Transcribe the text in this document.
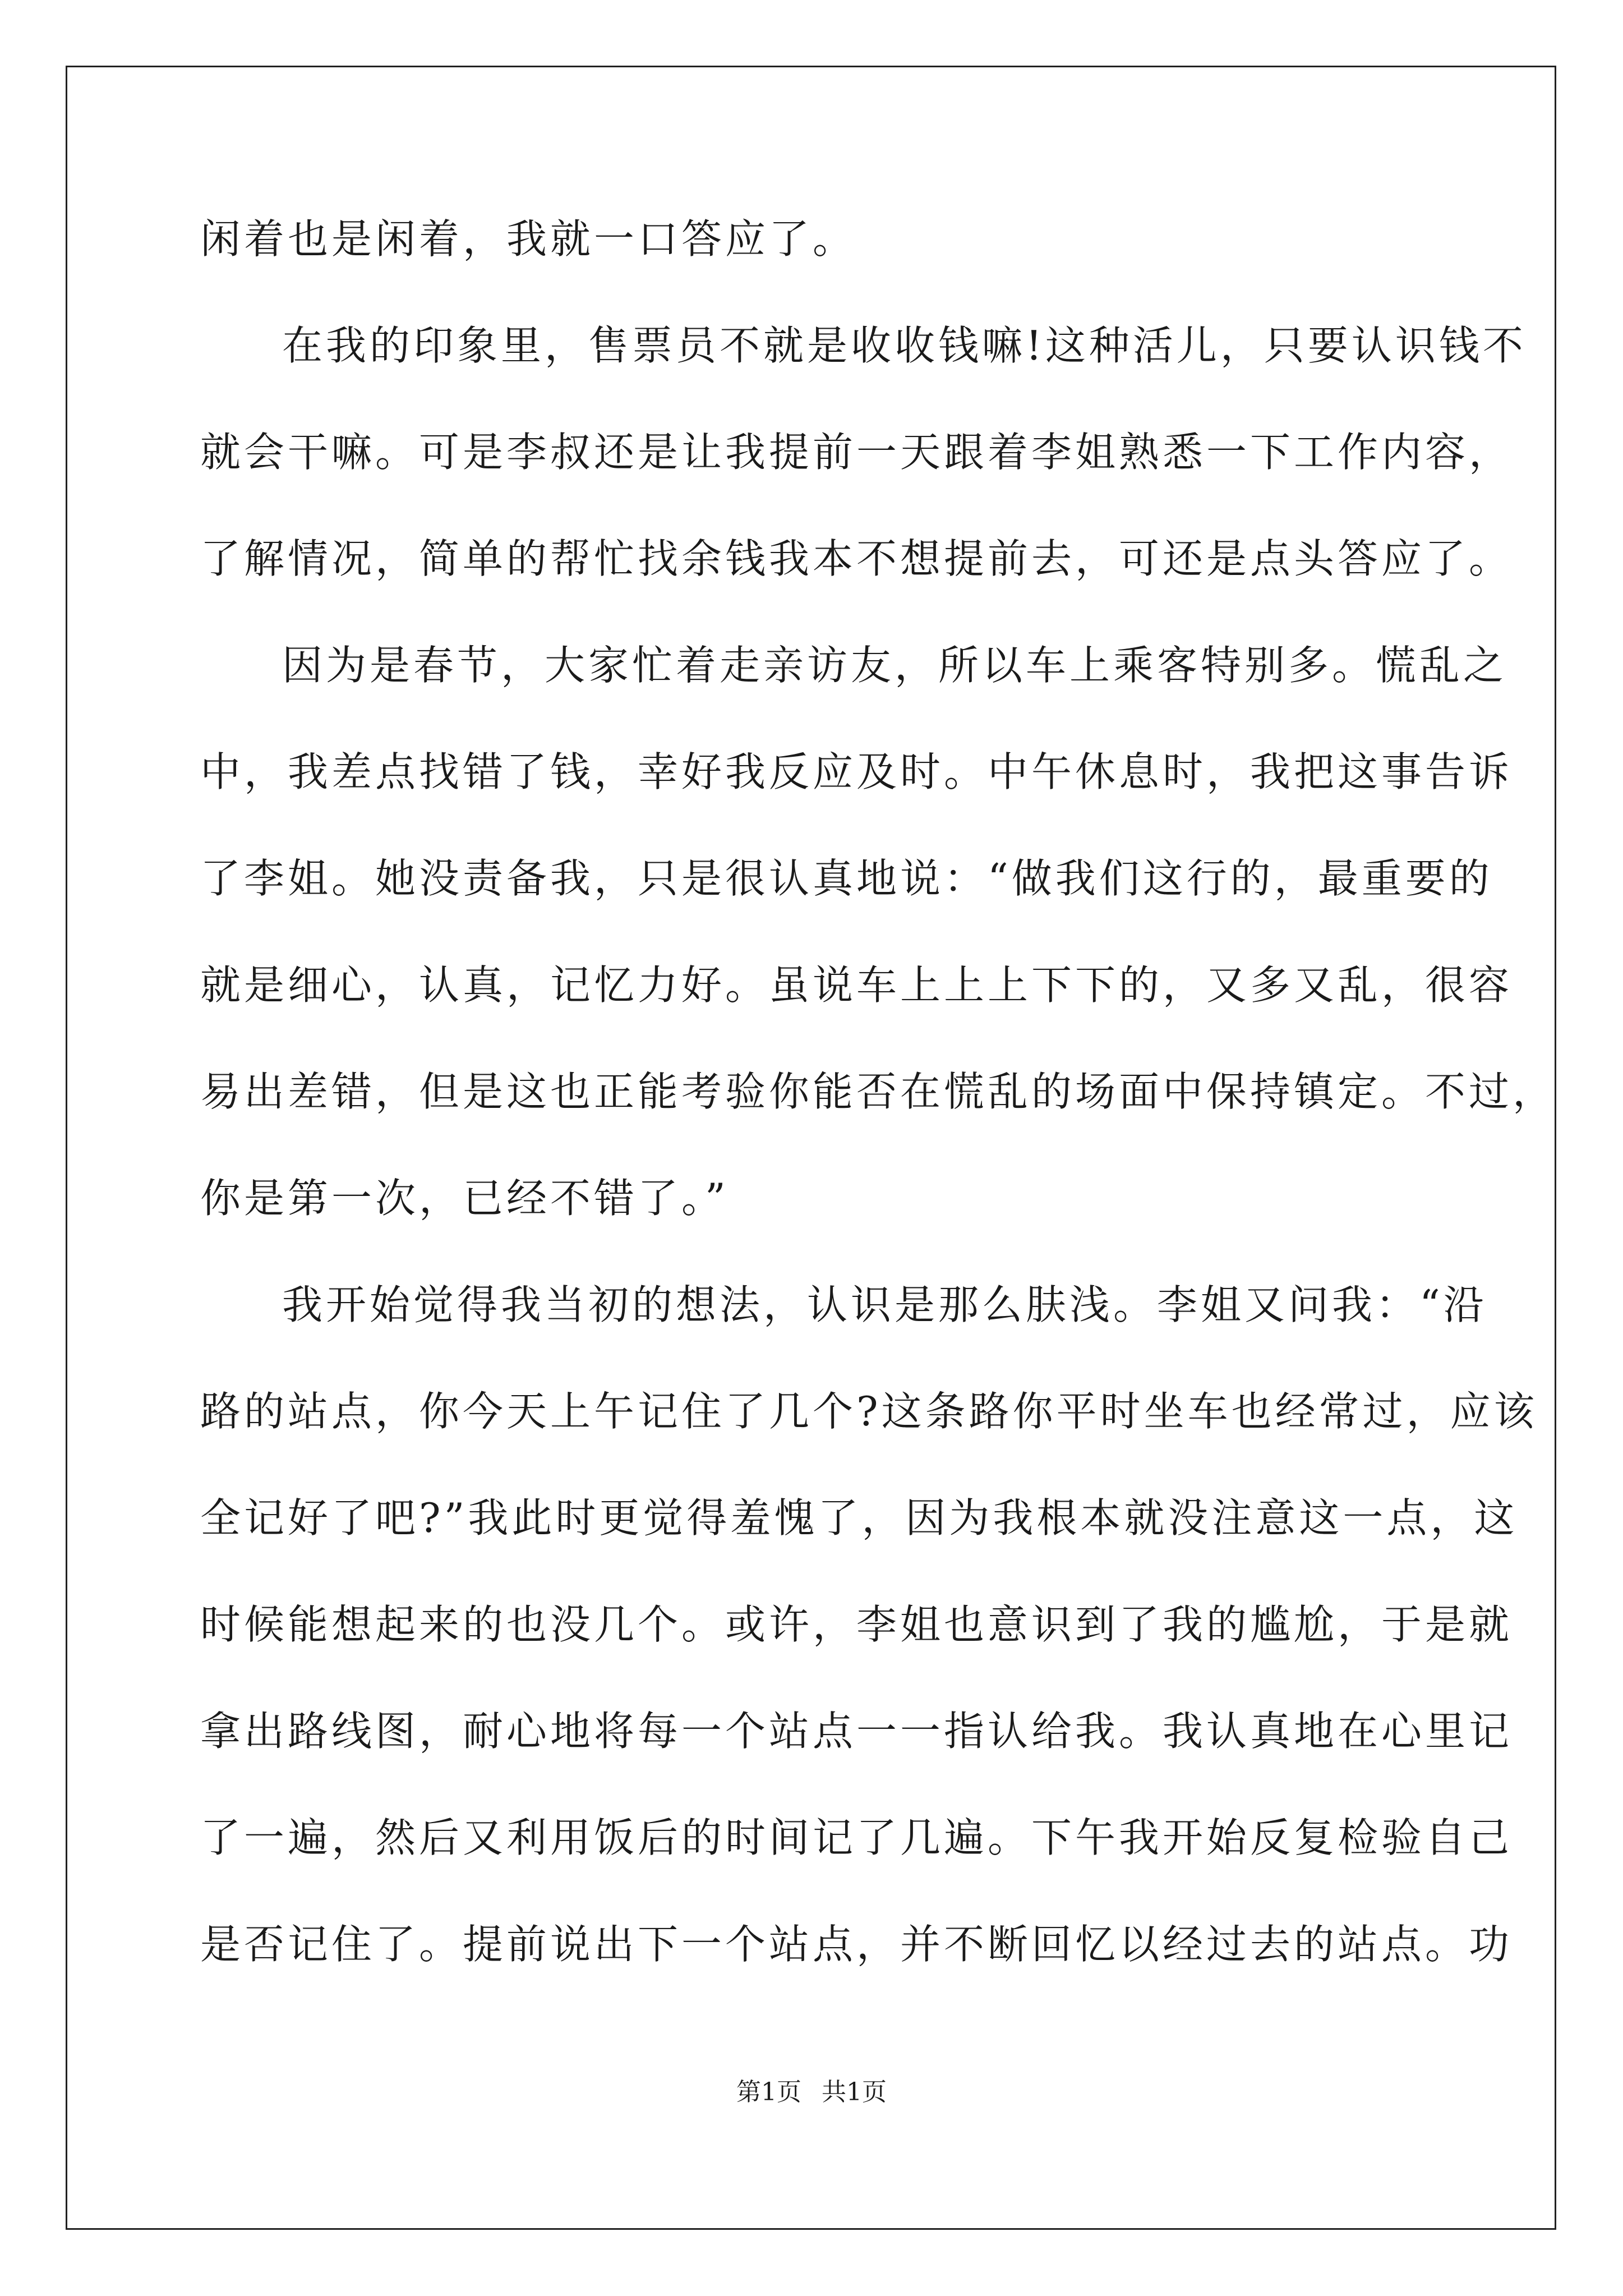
闲着也是闲着，我就一口答应了。
在我的印象里，售票员不就是收收钱嘛!这种活儿，只要认识钱不
就会干嘛。可是李叔还是让我提前一天跟着李姐熟悉一下工作内容，
了解情况，简单的帮忙找余钱我本不想提前去，可还是点头答应了。
因为是春节，大家忙着走亲访友，所以车上乘客特别多。慌乱之
中，我差点找错了钱，幸好我反应及时。中午休息时，我把这事告诉
了李姐。她没责备我，只是很认真地说：“做我们这行的，最重要的
就是细心，认真，记忆力好。虽说车上上上下下的，又多又乱，很容
易出差错，但是这也正能考验你能否在慌乱的场面中保持镇定。不过，
你是第一次，已经不错了。”
我开始觉得我当初的想法，认识是那么肤浅。李姐又问我：“沿
路的站点，你今天上午记住了几个?这条路你平时坐车也经常过，应该
全记好了吧?”我此时更觉得羞愧了，因为我根本就没注意这一点，这
时候能想起来的也没几个。或许，李姐也意识到了我的尴尬，于是就
拿出路线图，耐心地将每一个站点一一指认给我。我认真地在心里记
了一遍，然后又利用饭后的时间记了几遍。下午我开始反复检验自己
是否记住了。提前说出下一个站点，并不断回忆以经过去的站点。功
第1页 共1页
